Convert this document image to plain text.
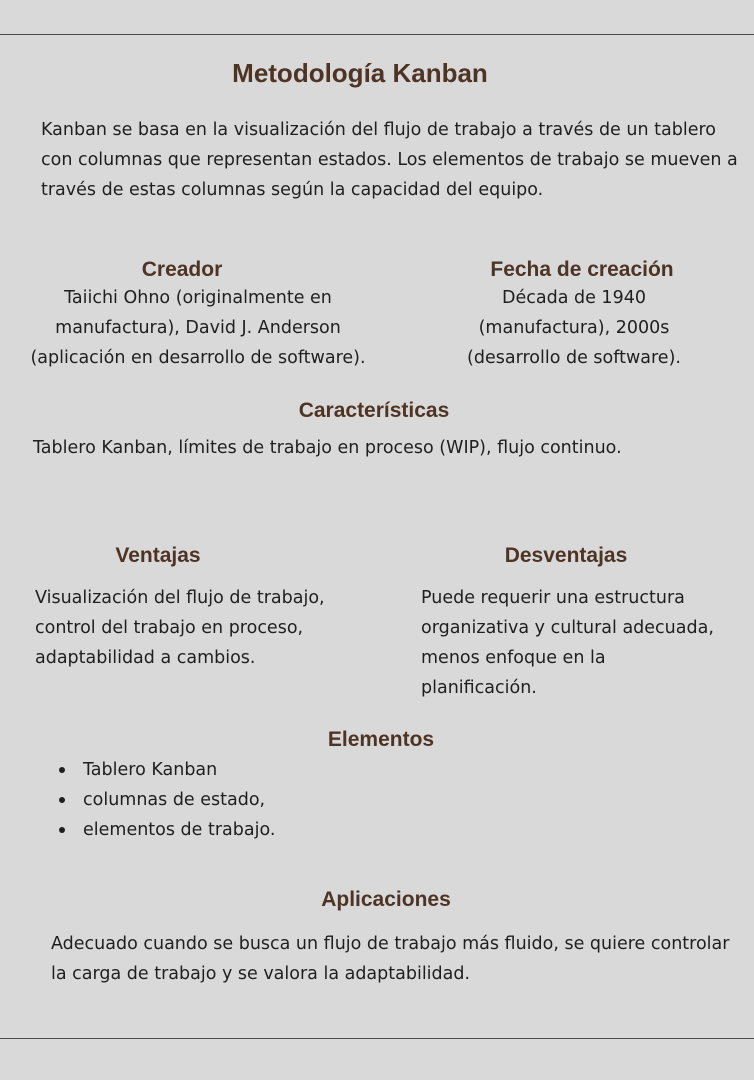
Metodología Kanban

Kanban se basa en la visualización del flujo de trabajo a través de un tablero con columnas que representan estados. Los elementos de trabajo se mueven a través de estas columnas según la capacidad del equipo.

Creador

Taiichi Ohno (originalmente en manufactura), David J. Anderson (aplicación en desarrollo de software).

Fecha de creación

Década de 1940 (manufactura), 2000s (desarrollo de software).

Características

Tablero Kanban, límites de trabajo en proceso (WIP), flujo continuo.

Ventajas

Visualización del flujo de trabajo, control del trabajo en proceso, adaptabilidad a cambios.

Desventajas

Puede requerir una estructura organizativa y cultural adecuada, menos enfoque en la planificación.

Elementos
Tablero Kanban
columnas de estado,
elementos de trabajo.
Aplicaciones

Adecuado cuando se busca un flujo de trabajo más fluido, se quiere controlar la carga de trabajo y se valora la adaptabilidad.
